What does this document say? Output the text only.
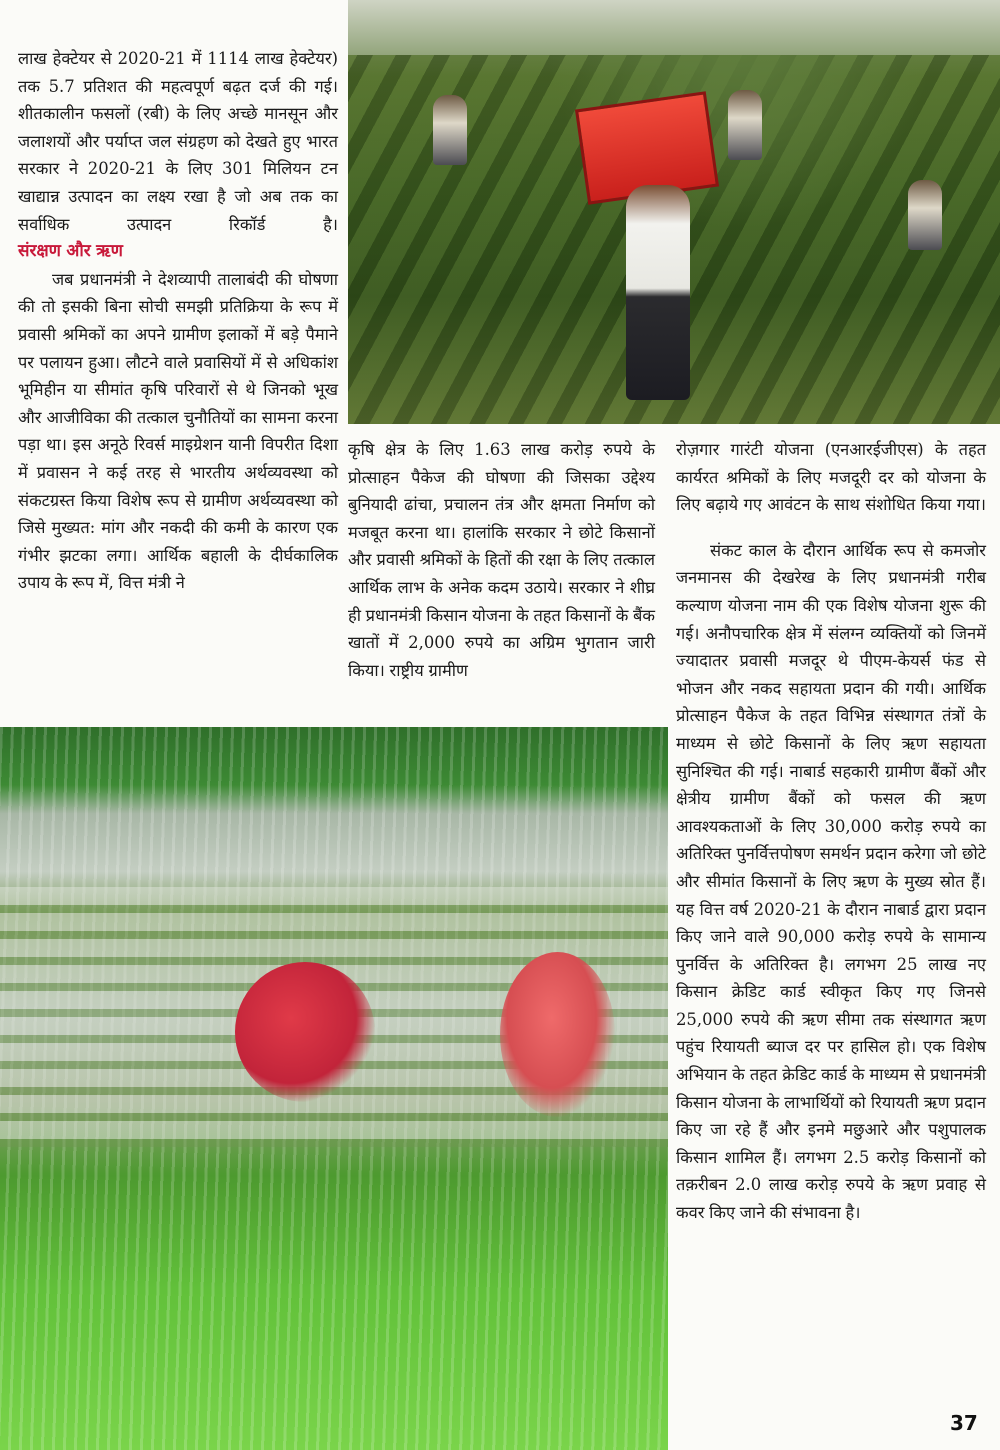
लाख हेक्टेयर से 2020-21 में 1114 लाख हेक्टेयर) तक 5.7 प्रतिशत की महत्वपूर्ण बढ़त दर्ज की गई। शीतकालीन फसलों (रबी) के लिए अच्छे मानसून और जलाशयों और पर्याप्त जल संग्रहण को देखते हुए भारत सरकार ने 2020-21 के लिए 301 मिलियन टन खाद्यान्न उत्पादन का लक्ष्य रखा है जो अब तक का सर्वाधिक उत्पादन रिकॉर्ड है।

संरक्षण और ऋण

जब प्रधानमंत्री ने देशव्यापी तालाबंदी की घोषणा की तो इसकी बिना सोची समझी प्रतिक्रिया के रूप में प्रवासी श्रमिकों का अपने ग्रामीण इलाकों में बड़े पैमाने पर पलायन हुआ। लौटने वाले प्रवासियों में से अधिकांश भूमिहीन या सीमांत कृषि परिवारों से थे जिनको भूख और आजीविका की तत्काल चुनौतियों का सामना करना पड़ा था। इस अनूठे रिवर्स माइग्रेशन यानी विपरीत दिशा में प्रवासन ने कई तरह से भारतीय अर्थव्यवस्था को संकटग्रस्त किया विशेष रूप से ग्रामीण अर्थव्यवस्था को जिसे मुख्यत: मांग और नकदी की कमी के कारण एक गंभीर झटका लगा। आर्थिक बहाली के दीर्घकालिक उपाय के रूप में, वित्त मंत्री ने

कृषि क्षेत्र के लिए 1.63 लाख करोड़ रुपये के प्रोत्साहन पैकेज की घोषणा की जिसका उद्देश्य बुनियादी ढांचा, प्रचालन तंत्र और क्षमता निर्माण को मजबूत करना था। हालांकि सरकार ने छोटे किसानों और प्रवासी श्रमिकों के हितों की रक्षा के लिए तत्काल आर्थिक लाभ के अनेक कदम उठाये। सरकार ने शीघ्र ही प्रधानमंत्री किसान योजना के तहत किसानों के बैंक खातों में 2,000 रुपये का अग्रिम भुगतान जारी किया। राष्ट्रीय ग्रामीण

रोज़गार गारंटी योजना (एनआरईजीएस) के तहत कार्यरत श्रमिकों के लिए मजदूरी दर को योजना के लिए बढ़ाये गए आवंटन के साथ संशोधित किया गया।

संकट काल के दौरान आर्थिक रूप से कमजोर जनमानस की देखरेख के लिए प्रधानमंत्री गरीब कल्याण योजना नाम की एक विशेष योजना शुरू की गई। अनौपचारिक क्षेत्र में संलग्न व्यक्तियों को जिनमें ज्यादातर प्रवासी मजदूर थे पीएम-केयर्स फंड से भोजन और नकद सहायता प्रदान की गयी। आर्थिक प्रोत्साहन पैकेज के तहत विभिन्न संस्थागत तंत्रों के माध्यम से छोटे किसानों के लिए ऋण सहायता सुनिश्चित की गई। नाबार्ड सहकारी ग्रामीण बैंकों और क्षेत्रीय ग्रामीण बैंकों को फसल की ऋण आवश्यकताओं के लिए 30,000 करोड़ रुपये का अतिरिक्त पुनर्वित्तपोषण समर्थन प्रदान करेगा जो छोटे और सीमांत किसानों के लिए ऋण के मुख्य स्रोत हैं। यह वित्त वर्ष 2020-21 के दौरान नाबार्ड द्वारा प्रदान किए जाने वाले 90,000 करोड़ रुपये के सामान्य पुनर्वित्त के अतिरिक्त है। लगभग 25 लाख नए किसान क्रेडिट कार्ड स्वीकृत किए गए जिनसे 25,000 रुपये की ऋण सीमा तक संस्थागत ऋण पहुंच रियायती ब्याज दर पर हासिल हो। एक विशेष अभियान के तहत क्रेडिट कार्ड के माध्यम से प्रधानमंत्री किसान योजना के लाभार्थियों को रियायती ऋण प्रदान किए जा रहे हैं और इनमे मछुआरे और पशुपालक किसान शामिल हैं। लगभग 2.5 करोड़ किसानों को तक़रीबन 2.0 लाख करोड़ रुपये के ऋण प्रवाह से कवर किए जाने की संभावना है।

37
